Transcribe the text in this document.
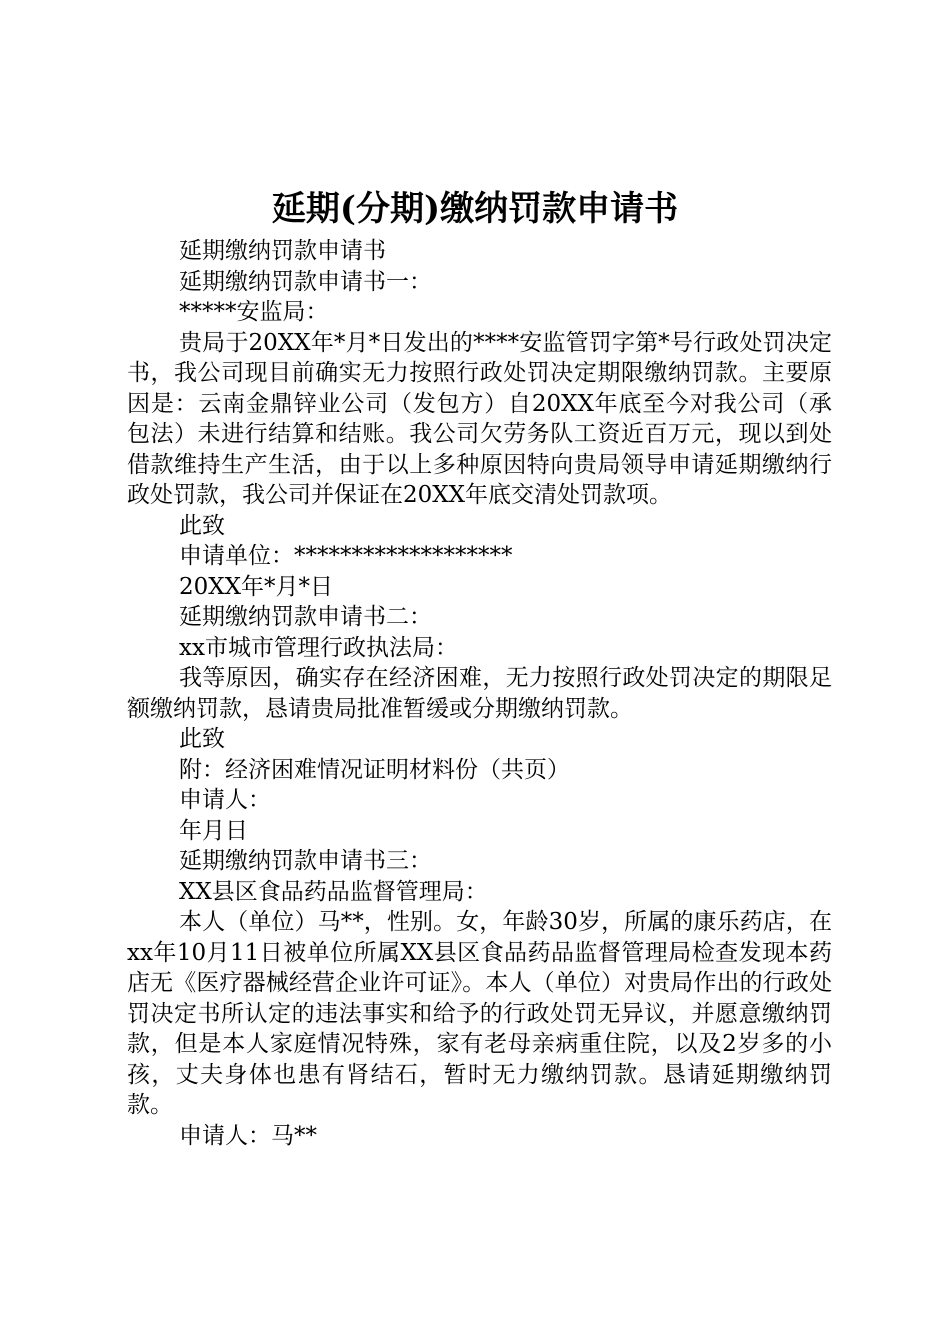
延期(分期)缴纳罚款申请书

延期缴纳罚款申请书

延期缴纳罚款申请书一：

*****安监局：

贵局于20XX年*月*日发出的****安监管罚字第*号行政处罚决定书，我公司现目前确实无力按照行政处罚决定期限缴纳罚款。主要原因是：云南金鼎锌业公司（发包方）自20XX年底至今对我公司（承包法）未进行结算和结账。我公司欠劳务队工资近百万元，现以到处借款维持生产生活，由于以上多种原因特向贵局领导申请延期缴纳行政处罚款，我公司并保证在20XX年底交清处罚款项。

此致

申请单位：*******************

20XX年*月*日

延期缴纳罚款申请书二：

xx市城市管理行政执法局：

我等原因，确实存在经济困难，无力按照行政处罚决定的期限足额缴纳罚款，恳请贵局批准暂缓或分期缴纳罚款。

此致

附：经济困难情况证明材料份（共页）

申请人：

年月日

延期缴纳罚款申请书三：

XX县区食品药品监督管理局：

本人（单位）马**，性别。女，年龄30岁，所属的康乐药店，在xx年10月11日被单位所属XX县区食品药品监督管理局检查发现本药店无《医疗器械经营企业许可证》。本人（单位）对贵局作出的行政处罚决定书所认定的违法事实和给予的行政处罚无异议，并愿意缴纳罚款，但是本人家庭情况特殊，家有老母亲病重住院，以及2岁多的小孩，丈夫身体也患有肾结石，暂时无力缴纳罚款。恳请延期缴纳罚款。

申请人：马**
